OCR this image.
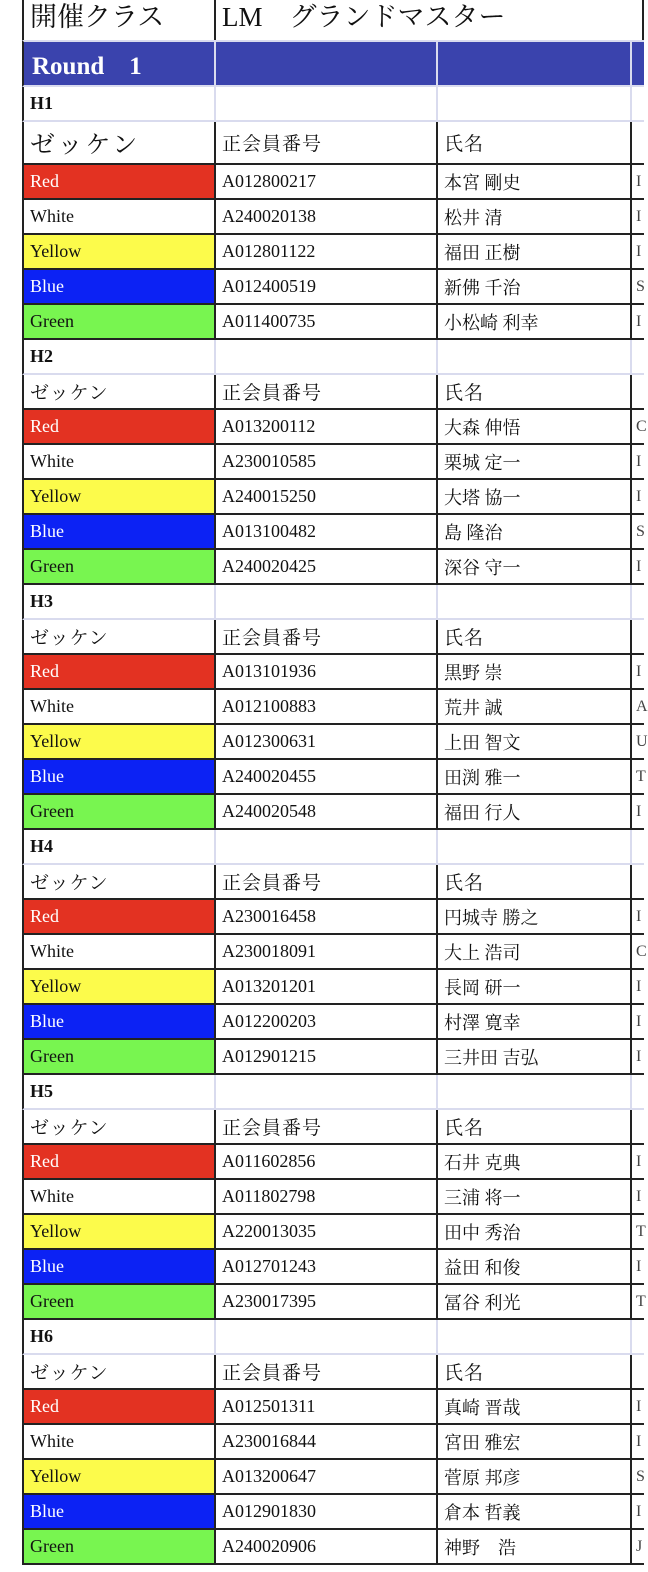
開催クラス	LM　グランドマスター
Round　1
H1
ゼッケン	正会員番号	氏名
Red	A012800217	本宮 剛史	I
White	A240020138	松井 清	I
Yellow	A012801122	福田 正樹	I
Blue	A012400519	新佛 千治	S
Green	A011400735	小松崎 利幸	I
H2
ゼッケン	正会員番号	氏名
Red	A013200112	大森 伸悟	C
White	A230010585	栗城 定一	I
Yellow	A240015250	大塔 協一	I
Blue	A013100482	島 隆治	S
Green	A240020425	深谷 守一	I
H3
ゼッケン	正会員番号	氏名
Red	A013101936	黒野 崇	I
White	A012100883	荒井 誠	A
Yellow	A012300631	上田 智文	U
Blue	A240020455	田渕 雅一	T
Green	A240020548	福田 行人	I
H4
ゼッケン	正会員番号	氏名
Red	A230016458	円城寺 勝之	I
White	A230018091	大上 浩司	C
Yellow	A013201201	長岡 研一	I
Blue	A012200203	村澤 寛幸	I
Green	A012901215	三井田 吉弘	I
H5
ゼッケン	正会員番号	氏名
Red	A011602856	石井 克典	I
White	A011802798	三浦 将一	I
Yellow	A220013035	田中 秀治	T
Blue	A012701243	益田 和俊	I
Green	A230017395	冨谷 利光	T
H6
ゼッケン	正会員番号	氏名
Red	A012501311	真崎 晋哉	I
White	A230016844	宮田 雅宏	I
Yellow	A013200647	菅原 邦彦	S
Blue	A012901830	倉本 哲義	I
Green	A240020906	神野　浩	J
